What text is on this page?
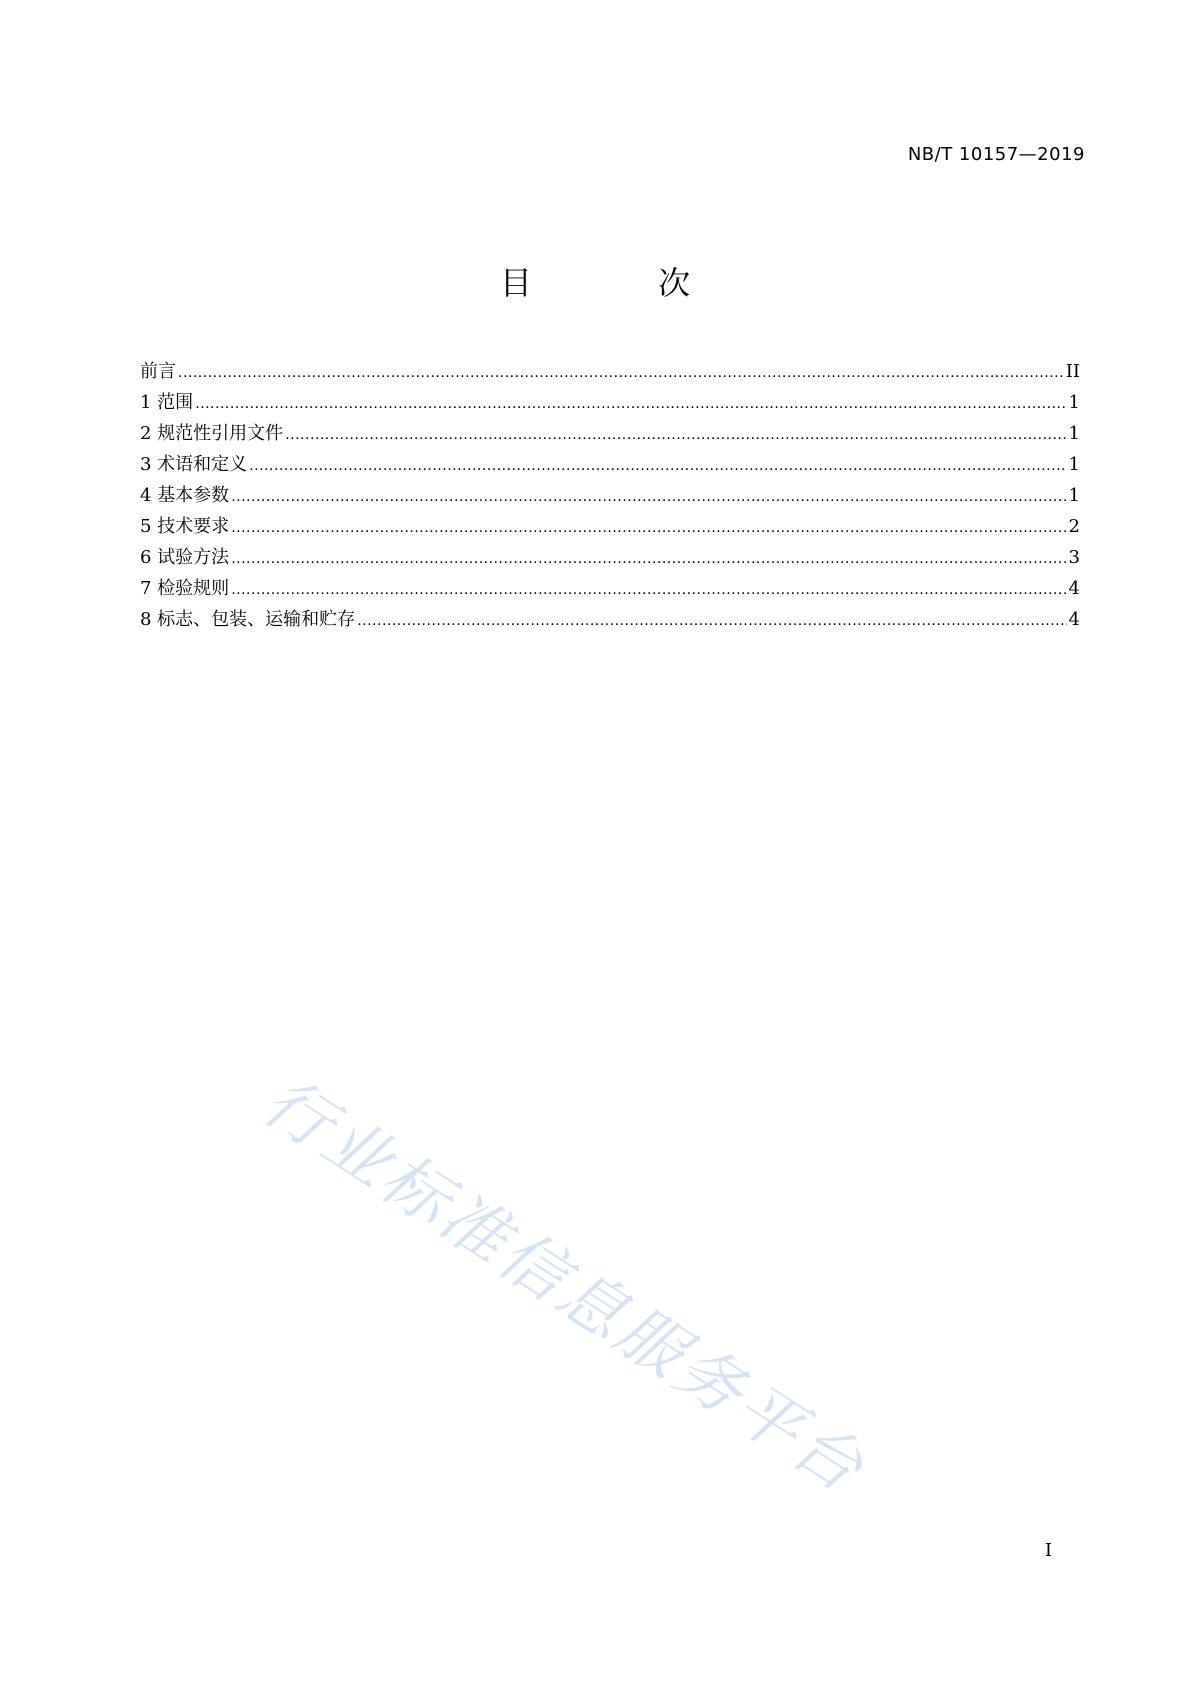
NB/T 10157—2019
目 次
前言 .....	II
1 范围 .....	1
2 规范性引用文件 .....	1
3 术语和定义 .....	1
4 基本参数 .....	1
5 技术要求 .....	2
6 试验方法 .....	3
7 检验规则 .....	4
8 标志、包装、运输和贮存 .....	4
行业标准信息服务平台
I
